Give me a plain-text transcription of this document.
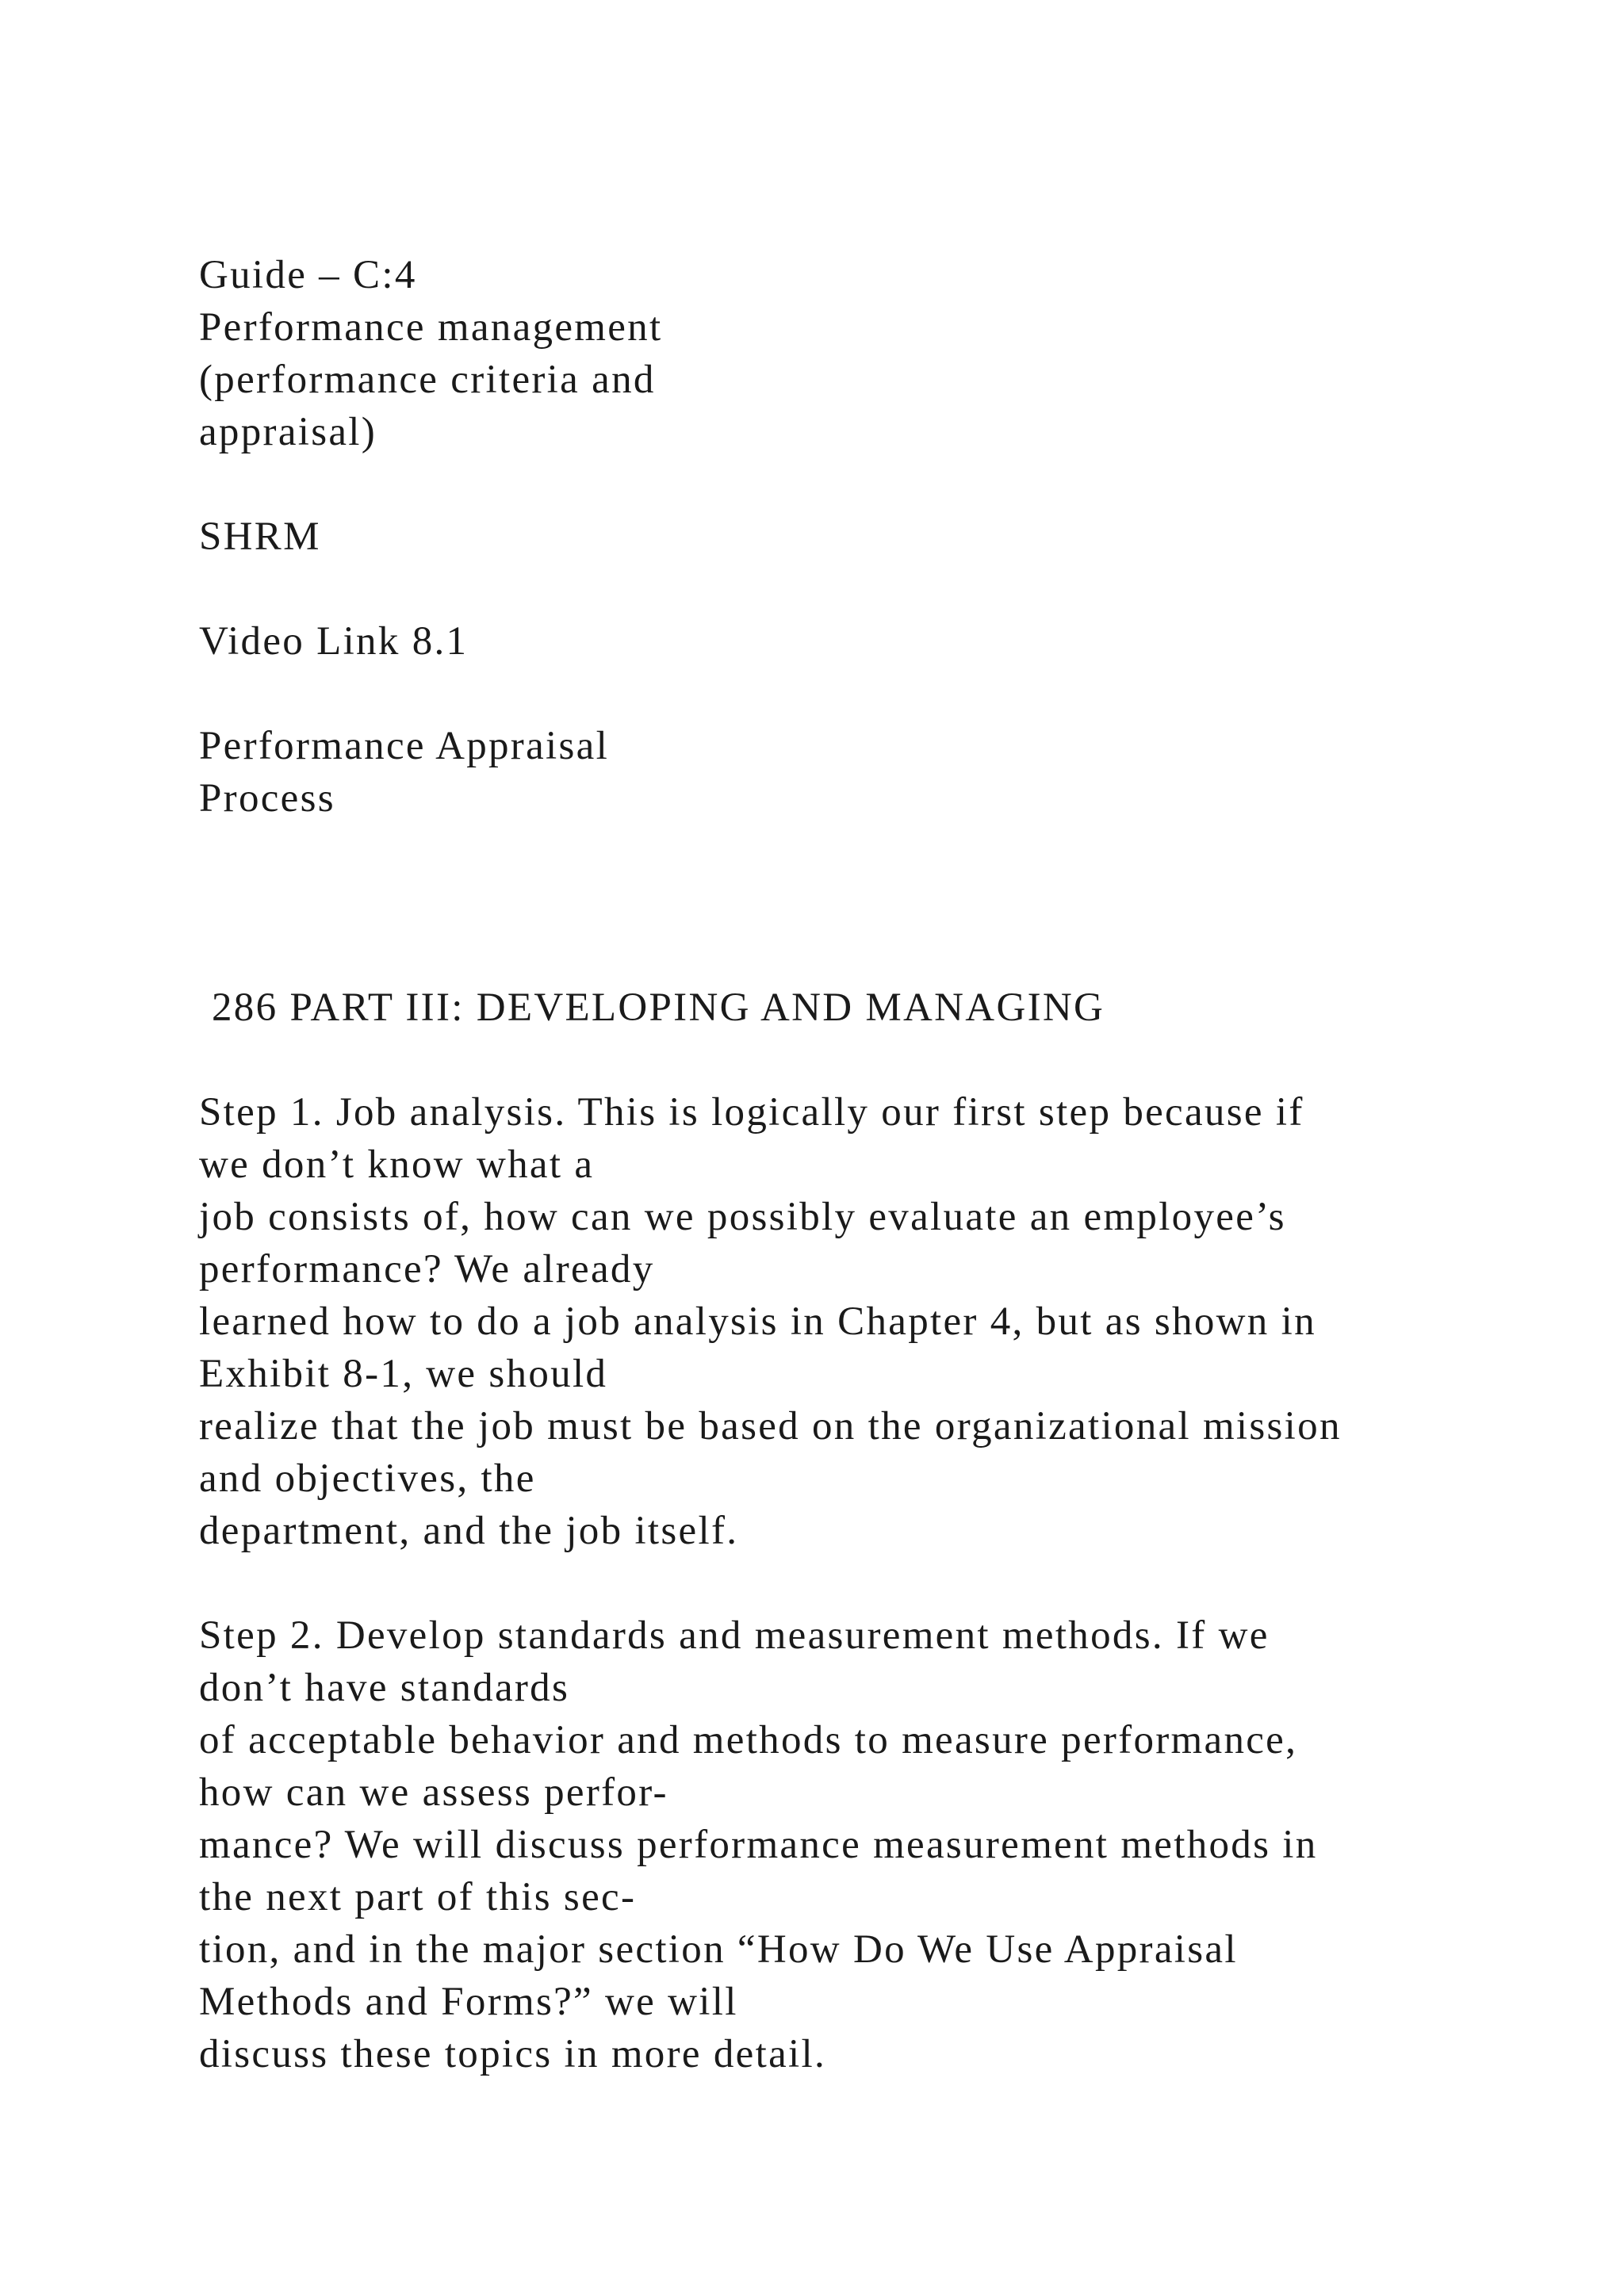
Guide – C:4
Performance management
(performance criteria and
appraisal)
SHRM
Video Link 8.1
Performance Appraisal
Process
286 PART III: DEVELOPING AND MANAGING
Step 1. Job analysis. This is logically our first step because if
we don’t know what a
job consists of, how can we possibly evaluate an employee’s
performance? We already
learned how to do a job analysis in Chapter 4, but as shown in
Exhibit 8-1, we should
realize that the job must be based on the organizational mission
and objectives, the
department, and the job itself.
Step 2. Develop standards and measurement methods. If we
don’t have standards
of acceptable behavior and methods to measure performance,
how can we assess perfor-
mance? We will discuss performance measurement methods in
the next part of this sec-
tion, and in the major section “How Do We Use Appraisal
Methods and Forms?” we will
discuss these topics in more detail.
